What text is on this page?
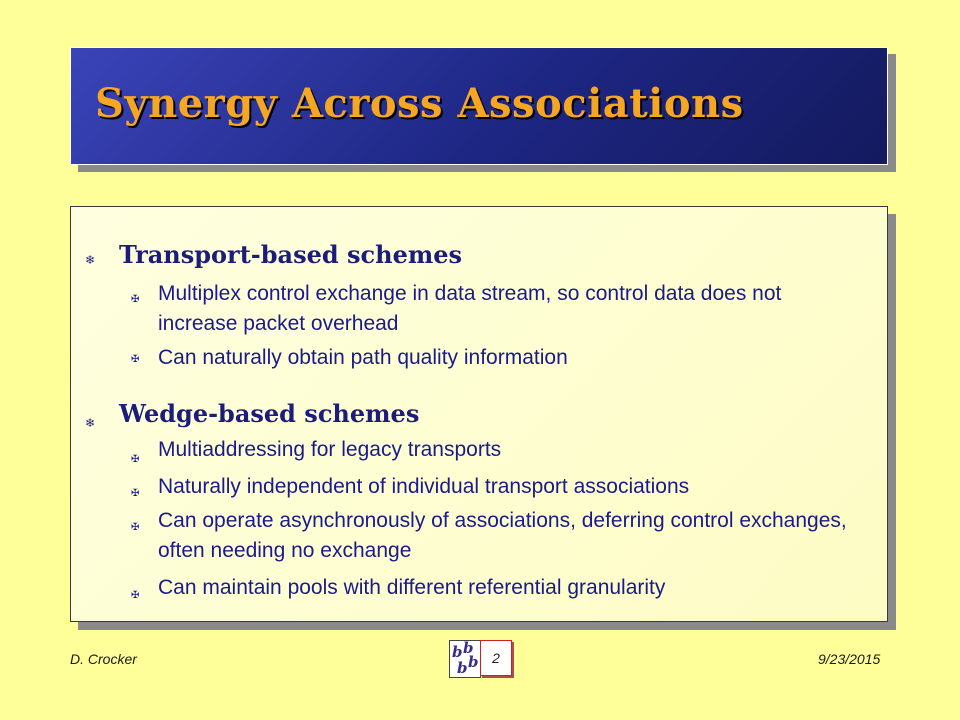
Synergy Across Associations
❄ Transport-based schemes
✠ Multiplex control exchange in data stream, so control data does not increase packet overhead
✠ Can naturally obtain path quality information
❄ Wedge-based schemes
✠ Multiaddressing for legacy transports
✠ Naturally independent of individual transport associations
✠ Can operate asynchronously of associations, deferring control exchanges, often needing no exchange
✠ Can maintain pools with different referential granularity
D. Crocker	b b
b
b
2	9/23/2015
